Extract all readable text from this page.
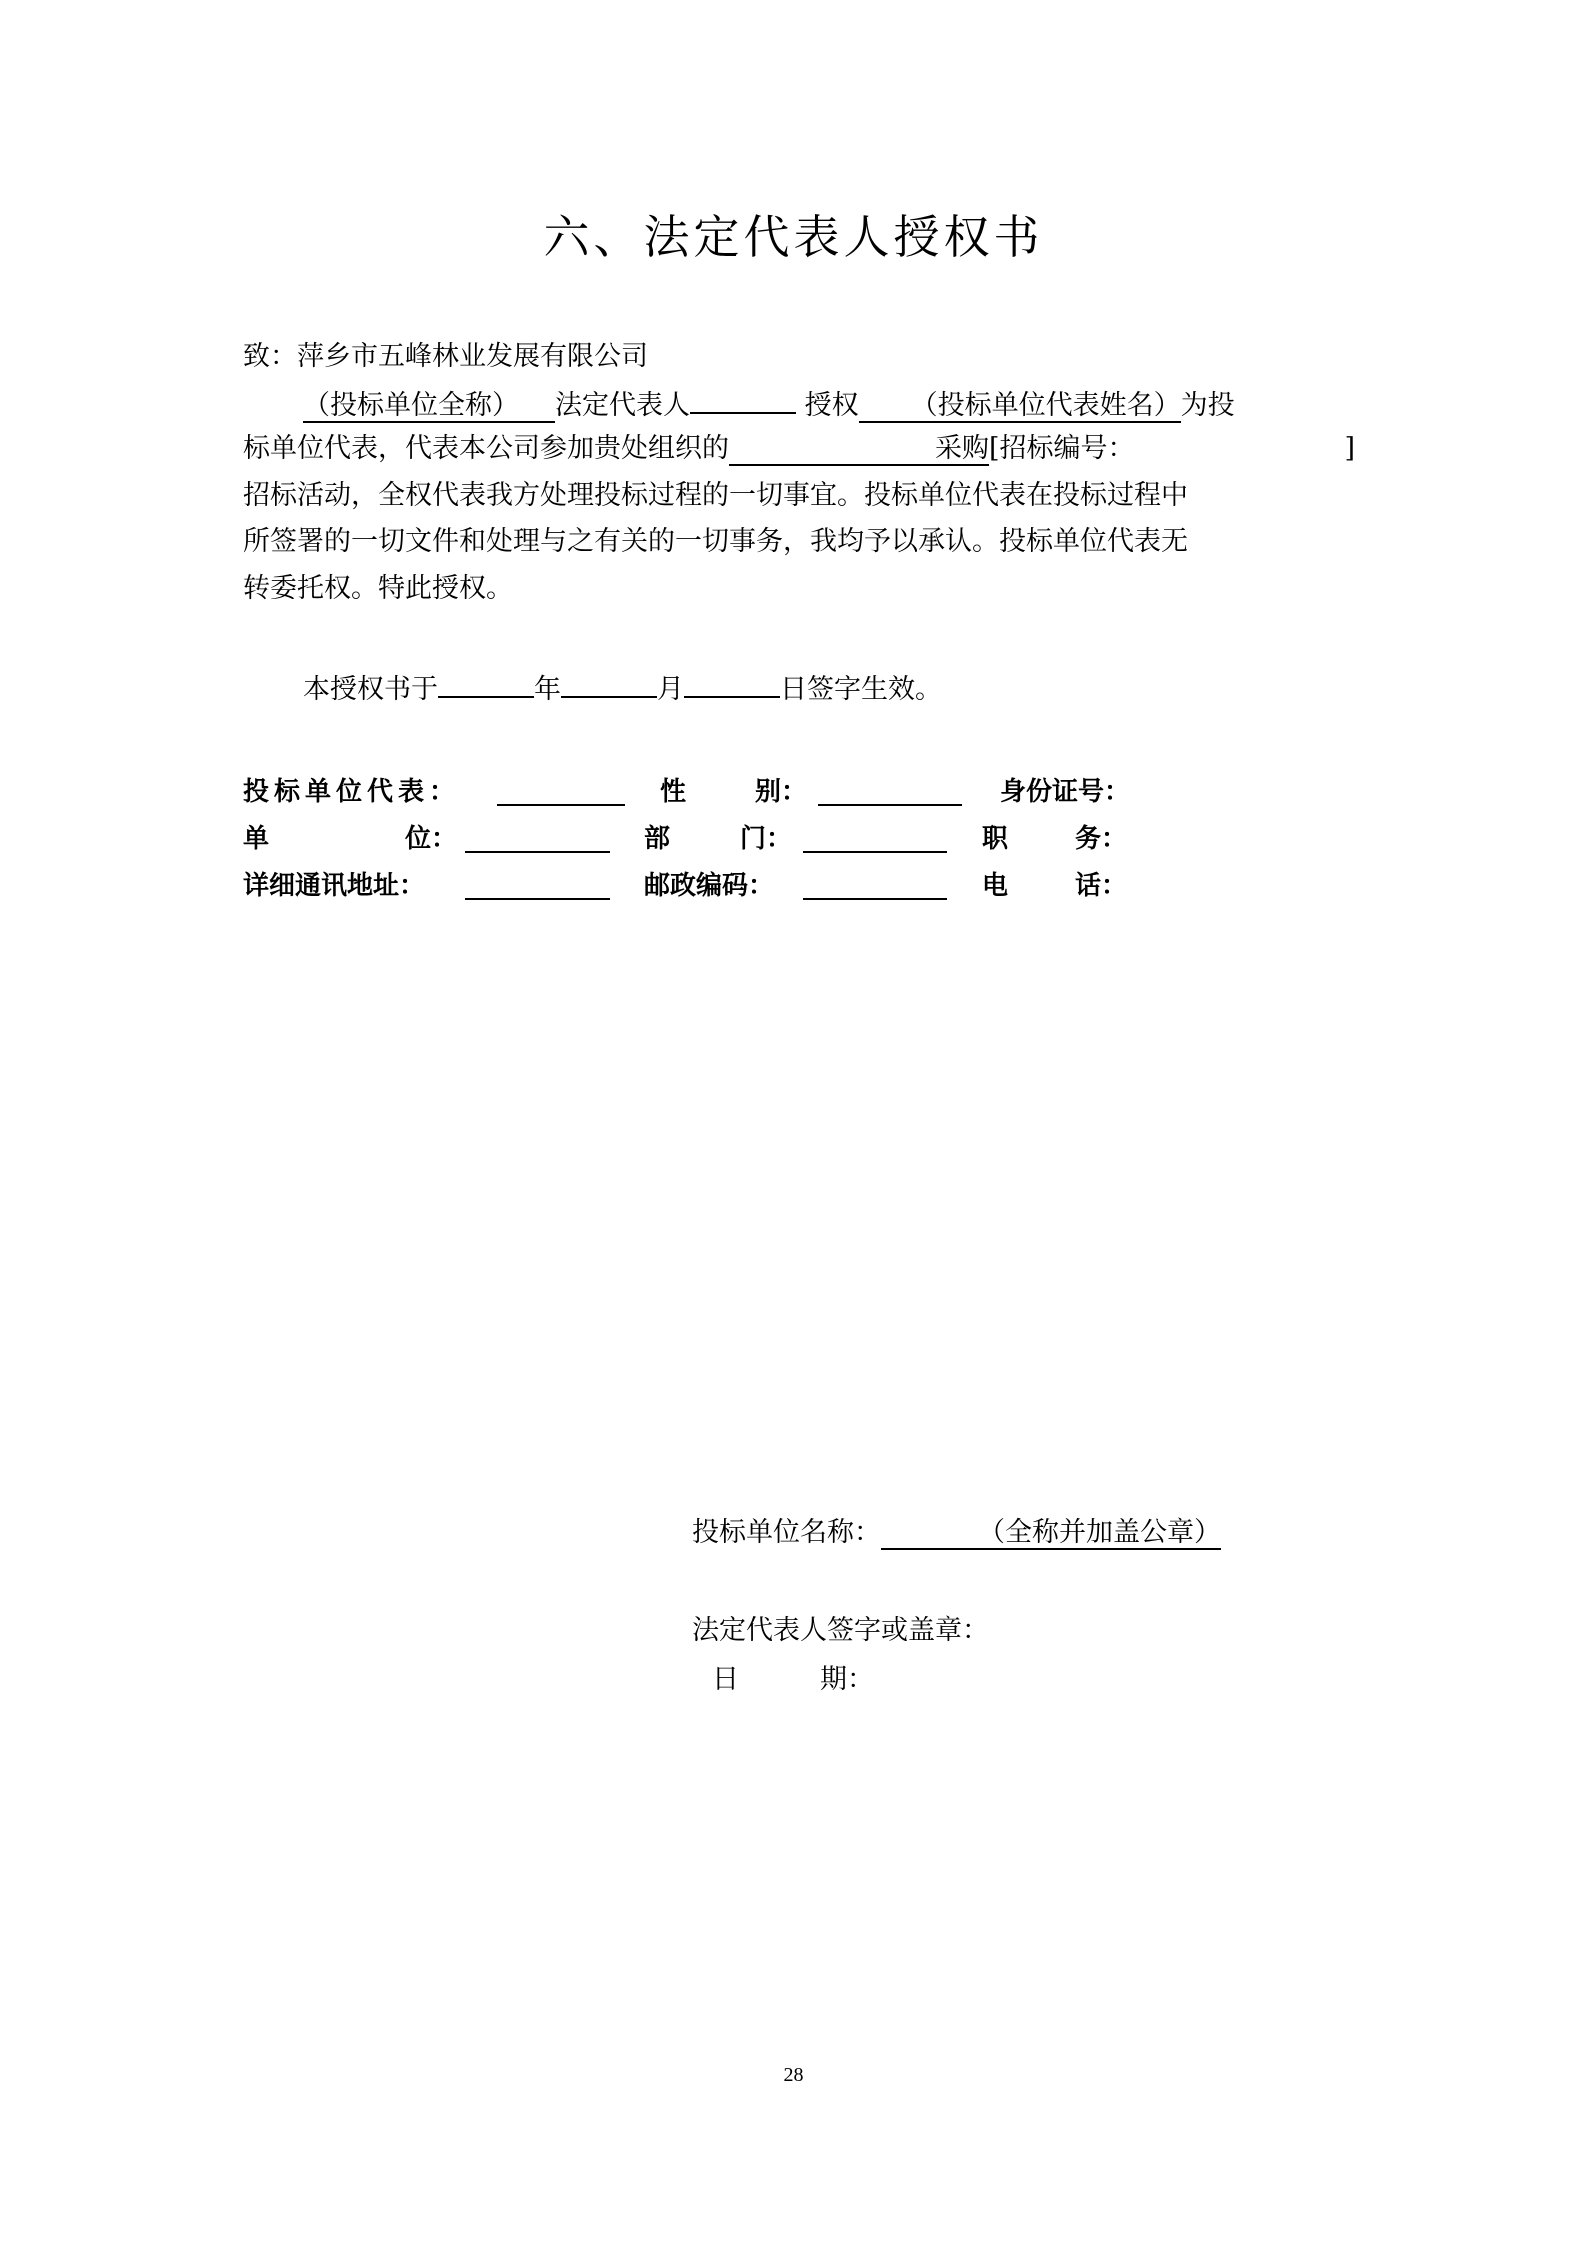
六、法定代表人授权书
致：萍乡市五峰林业发展有限公司
（投标单位全称） 法定代表人	授权 （投标单位代表姓名）为投
标单位代表，代表本公司参加贵处组织的	采购[招标编号：	]
招标活动，全权代表我方处理投标过程的一切事宜。投标单位代表在投标过程中
所签署的一切文件和处理与之有关的一切事务，我均予以承认。投标单位代表无
转委托权。特此授权。
本授权书于	年	月	日签字生效。
投标单位代表：	性	别：	身份证号：
单	位：	部	门：	职	务：
详细通讯地址：	邮政编码：	电	话：
投标单位名称：	（全称并加盖公章）
法定代表人签字或盖章：
日	期：
28
